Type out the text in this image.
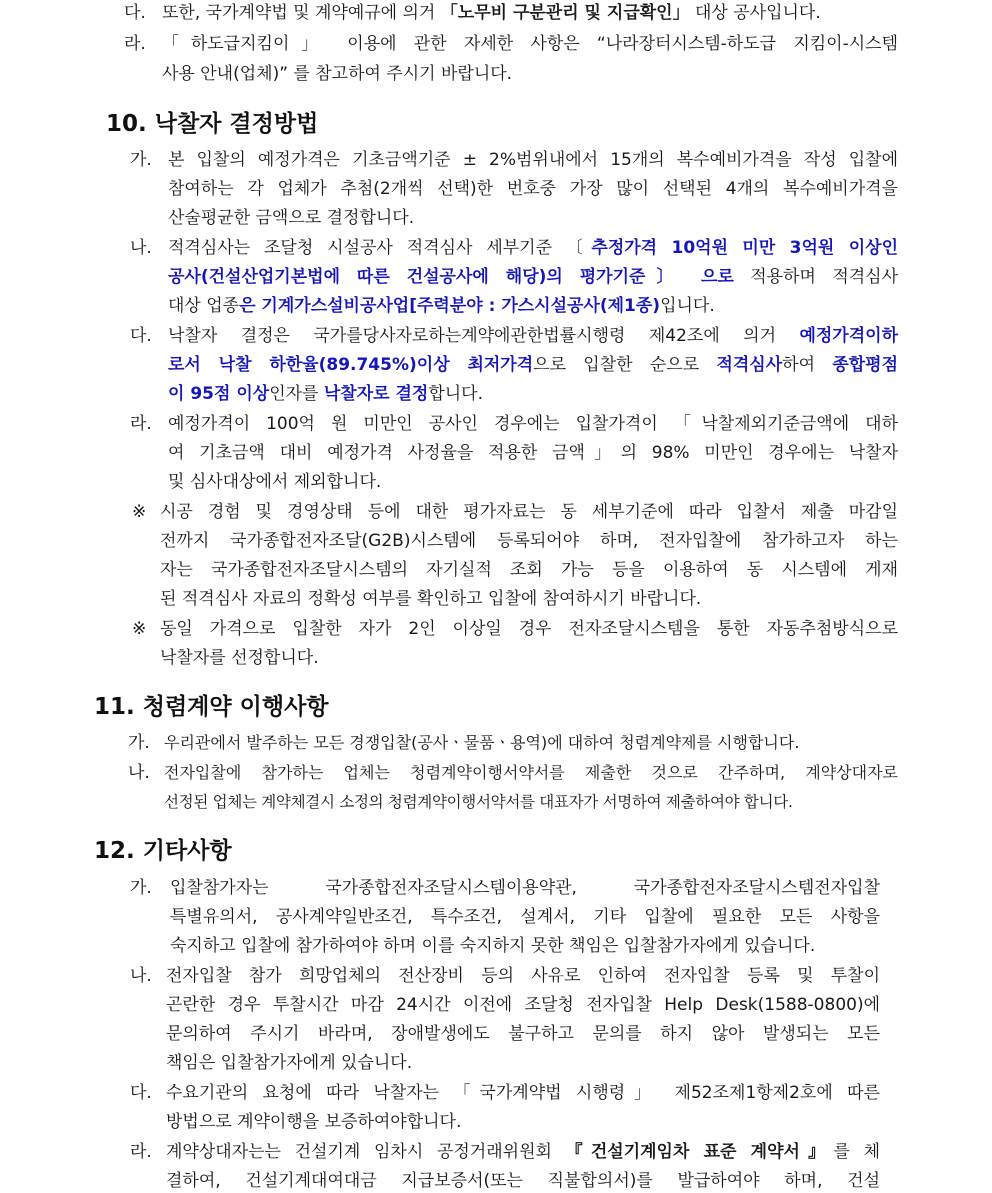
다. 또한, 국가계약법 및 계약예규에 의거 「노무비 구분관리 및 지급확인」 대상 공사입니다.
라. 「하도급지킴이」 이용에 관한 자세한 사항은 “나라장터시스템-하도급 지킴이-시스템
사용 안내(업체)” 를 참고하여 주시기 바랍니다.
10. 낙찰자 결정방법
가. 본 입찰의 예정가격은 기초금액기준 ± 2%범위내에서 15개의 복수예비가격을 작성 입찰에
참여하는 각 업체가 추첨(2개씩 선택)한 번호중 가장 많이 선택된 4개의 복수예비가격을
산술평균한 금액으로 결정합니다.
나. 적격심사는 조달청 시설공사 적격심사 세부기준 〔추정가격 10억원 미만 3억원 이상인
공사(건설산업기본법에 따른 건설공사에 해당)의 평가기준〕 으로 적용하며 적격심사
대상 업종은 기계가스설비공사업[주력분야 : 가스시설공사(제1종)입니다.
다. 낙찰자 결정은 국가를당사자로하는계약에관한법률시행령 제42조에 의거 예정가격이하
로서 낙찰 하한율(89.745%)이상 최저가격으로 입찰한 순으로 적격심사하여 종합평점
이 95점 이상인자를 낙찰자로 결정합니다.
라. 예정가격이 100억 원 미만인 공사인 경우에는 입찰가격이 「낙찰제외기준금액에 대하
여 기초금액 대비 예정가격 사정율을 적용한 금액」의 98% 미만인 경우에는 낙찰자
및 심사대상에서 제외합니다.
※ 시공 경험 및 경영상태 등에 대한 평가자료는 동 세부기준에 따라 입찰서 제출 마감일
전까지 국가종합전자조달(G2B)시스템에 등록되어야 하며, 전자입찰에 참가하고자 하는
자는 국가종합전자조달시스템의 자기실적 조회 가능 등을 이용하여 동 시스템에 게재
된 적격심사 자료의 정확성 여부를 확인하고 입찰에 참여하시기 바랍니다.
※ 동일 가격으로 입찰한 자가 2인 이상일 경우 전자조달시스템을 통한 자동추첨방식으로
낙찰자를 선정합니다.
11. 청렴계약 이행사항
가. 우리관에서 발주하는 모든 경쟁입찰(공사ㆍ물품ㆍ용역)에 대하여 청렴계약제를 시행합니다.
나. 전자입찰에 참가하는 업체는 청렴계약이행서약서를 제출한 것으로 간주하며, 계약상대자로
선정된 업체는 계약체결시 소정의 청렴계약이행서약서를 대표자가 서명하여 제출하여야 합니다.
12. 기타사항
가. 입찰참가자는 국가종합전자조달시스템이용약관, 국가종합전자조달시스템전자입찰
특별유의서, 공사계약일반조건, 특수조건, 설계서, 기타 입찰에 필요한 모든 사항을
숙지하고 입찰에 참가하여야 하며 이를 숙지하지 못한 책임은 입찰참가자에게 있습니다.
나. 전자입찰 참가 희망업체의 전산장비 등의 사유로 인하여 전자입찰 등록 및 투찰이
곤란한 경우 투찰시간 마감 24시간 이전에 조달청 전자입찰 Help Desk(1588-0800)에
문의하여 주시기 바라며, 장애발생에도 불구하고 문의를 하지 않아 발생되는 모든
책임은 입찰참가자에게 있습니다.
다. 수요기관의 요청에 따라 낙찰자는 「국가계약법 시행령」 제52조제1항제2호에 따른
방법으로 계약이행을 보증하여야합니다.
라. 계약상대자는는 건설기계 임차시 공정거래위원회 『건설기계임차 표준 계약서』를 체
결하여, 건설기계대여대금 지급보증서(또는 직불합의서)를 발급하여야 하며, 건설
